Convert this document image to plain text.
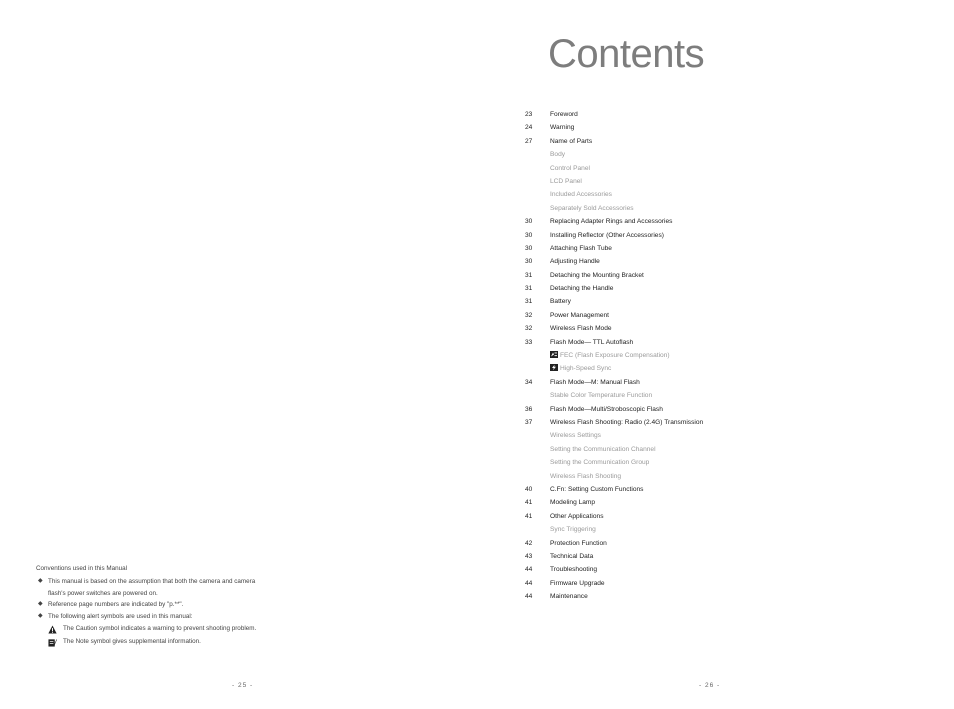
Conventions used in this Manual
◆ This manual is based on the assumption that both the camera and camera
flash's power switches are powered on.
◆ Reference page numbers are indicated by "p.**".
◆ The following alert symbols are used in this manual:
The Caution symbol indicates a warning to prevent shooting problem.
The Note symbol gives supplemental information.
- 25 -
Contents
23	Foreword
24	Warning
27	Name of Parts
Body
Control Panel
LCD Panel
Included Accessories
Separately Sold Accessories
30	Replacing Adapter Rings and Accessories
30	Installing Reflector (Other Accessories)
30	Attaching Flash Tube
30	Adjusting Handle
31	Detaching the Mounting Bracket
31	Detaching the Handle
31	Battery
32	Power Management
32	Wireless Flash Mode
33	Flash Mode— TTL Autoflash
FEC (Flash Exposure Compensation)
High-Speed Sync
34	Flash Mode—M: Manual Flash
Stable Color Temperature Function
36	Flash Mode—Multi/Stroboscopic Flash
37	Wireless Flash Shooting: Radio (2.4G) Transmission
Wireless Settings
Setting the Communication Channel
Setting the Communication Group
Wireless Flash Shooting
40	C.Fn: Setting Custom Functions
41	Modeling Lamp
41	Other Applications
Sync Triggering
42	Protection Function
43	Technical Data
44	Troubleshooting
44	Firmware Upgrade
44	Maintenance
- 26 -
